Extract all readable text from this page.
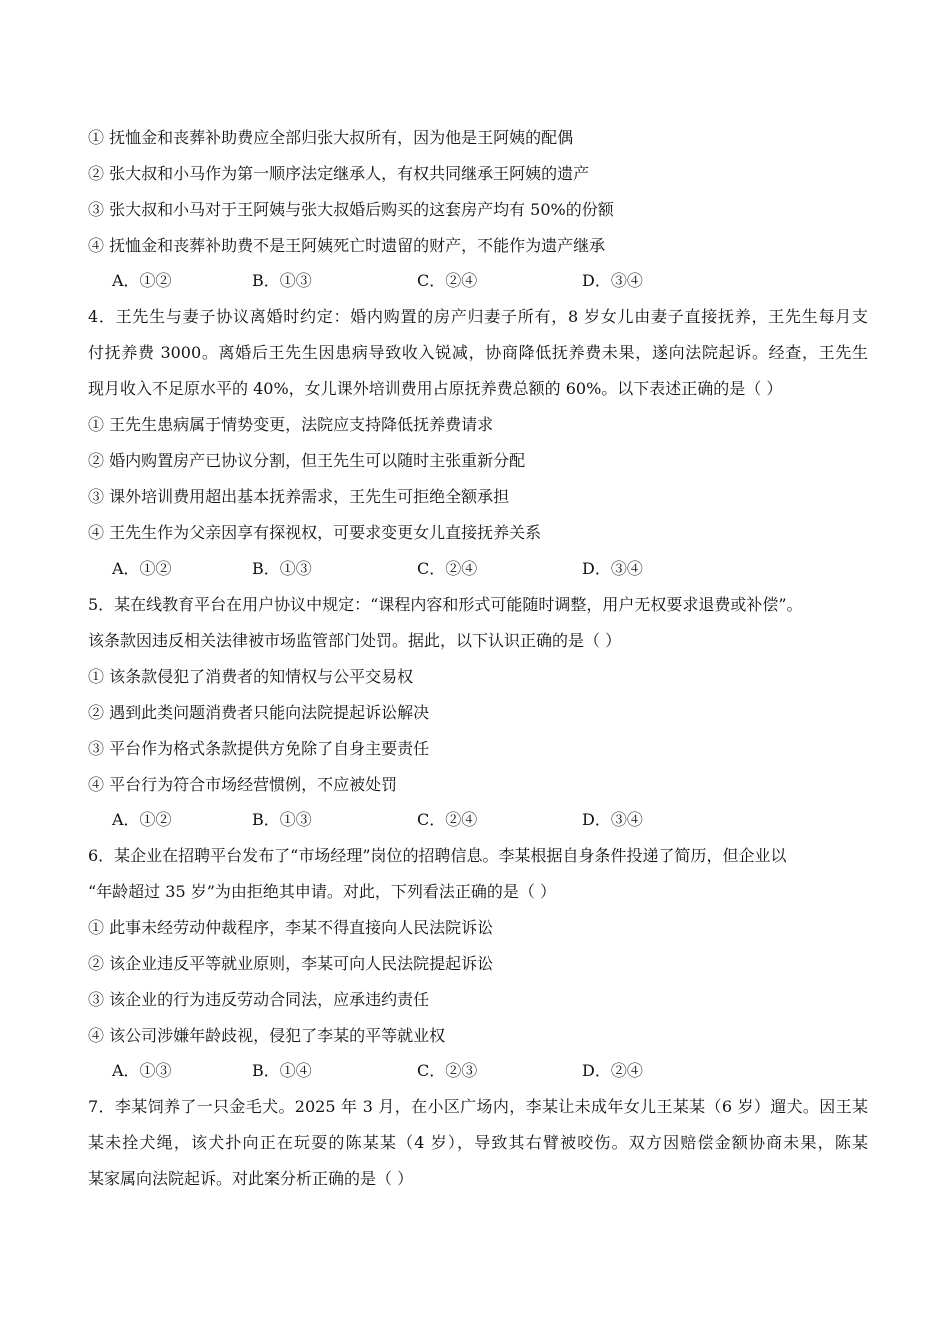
① 抚恤金和丧葬补助费应全部归张大叔所有，因为他是王阿姨的配偶
② 张大叔和小马作为第一顺序法定继承人，有权共同继承王阿姨的遗产
③ 张大叔和小马对于王阿姨与张大叔婚后购买的这套房产均有 50%的份额
④ 抚恤金和丧葬补助费不是王阿姨死亡时遗留的财产，不能作为遗产继承
A．①②	B．①③	C．②④	D．③④
4．王先生与妻子协议离婚时约定：婚内购置的房产归妻子所有，8 岁女儿由妻子直接抚养，王先生每月支
付抚养费 3000。离婚后王先生因患病导致收入锐减，协商降低抚养费未果，遂向法院起诉。经查，王先生
现月收入不足原水平的 40%，女儿课外培训费用占原抚养费总额的 60%。以下表述正确的是（ ）
① 王先生患病属于情势变更，法院应支持降低抚养费请求
② 婚内购置房产已协议分割，但王先生可以随时主张重新分配
③ 课外培训费用超出基本抚养需求，王先生可拒绝全额承担
④ 王先生作为父亲因享有探视权，可要求变更女儿直接抚养关系
A．①②	B．①③	C．②④	D．③④
5．某在线教育平台在用户协议中规定：“课程内容和形式可能随时调整，用户无权要求退费或补偿”。
该条款因违反相关法律被市场监管部门处罚。据此，以下认识正确的是（ ）
① 该条款侵犯了消费者的知情权与公平交易权
② 遇到此类问题消费者只能向法院提起诉讼解决
③ 平台作为格式条款提供方免除了自身主要责任
④ 平台行为符合市场经营惯例，不应被处罚
A．①②	B．①③	C．②④	D．③④
6．某企业在招聘平台发布了“市场经理”岗位的招聘信息。李某根据自身条件投递了简历，但企业以
“年龄超过 35 岁”为由拒绝其申请。对此，下列看法正确的是（ ）
① 此事未经劳动仲裁程序，李某不得直接向人民法院诉讼
② 该企业违反平等就业原则，李某可向人民法院提起诉讼
③ 该企业的行为违反劳动合同法，应承违约责任
④ 该公司涉嫌年龄歧视，侵犯了李某的平等就业权
A．①③	B．①④	C．②③	D．②④
7．李某饲养了一只金毛犬。2025 年 3 月，在小区广场内，李某让未成年女儿王某某（6 岁）遛犬。因王某
某未拴犬绳，该犬扑向正在玩耍的陈某某（4 岁），导致其右臂被咬伤。双方因赔偿金额协商未果，陈某
某家属向法院起诉。对此案分析正确的是（ ）
